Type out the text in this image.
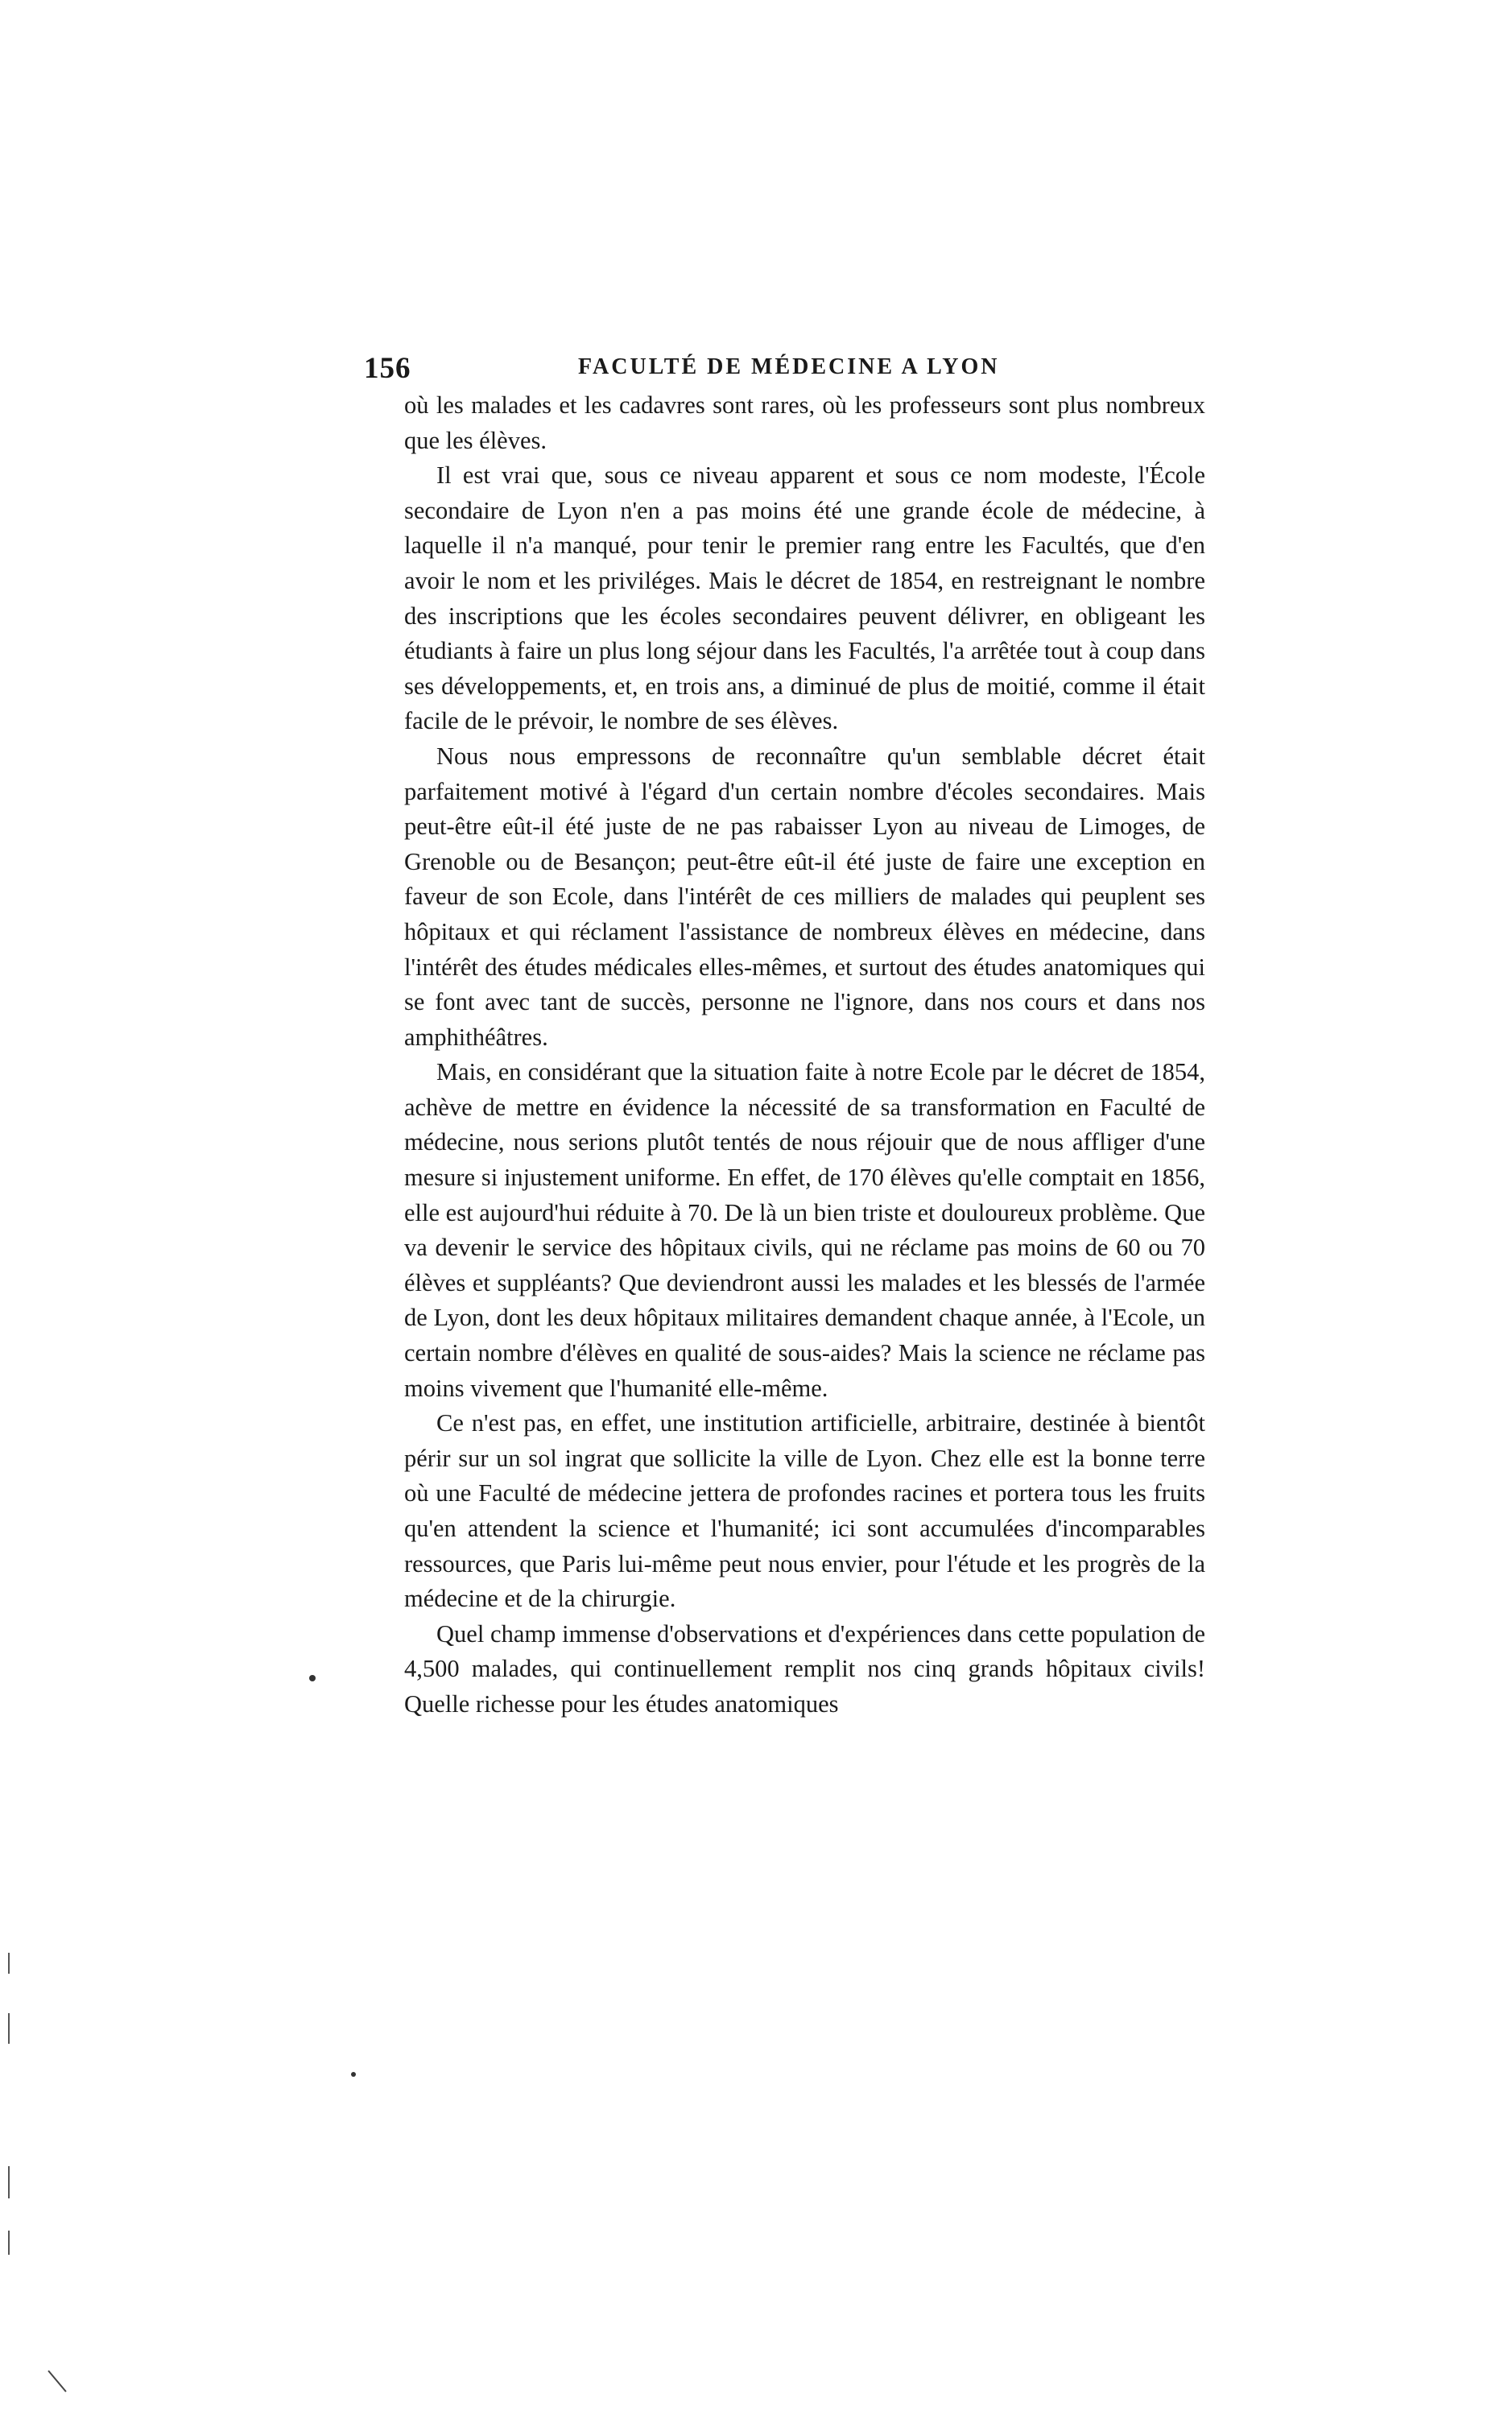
156	FACULTÉ DE MÉDECINE A LYON

où les malades et les cadavres sont rares, où les professeurs sont plus nombreux que les élèves.

Il est vrai que, sous ce niveau apparent et sous ce nom modeste, l'École secondaire de Lyon n'en a pas moins été une grande école de médecine, à laquelle il n'a manqué, pour tenir le premier rang entre les Facultés, que d'en avoir le nom et les priviléges. Mais le décret de 1854, en restreignant le nombre des inscriptions que les écoles secondaires peuvent délivrer, en obligeant les étudiants à faire un plus long séjour dans les Facultés, l'a arrêtée tout à coup dans ses développements, et, en trois ans, a diminué de plus de moitié, comme il était facile de le prévoir, le nombre de ses élèves.

Nous nous empressons de reconnaître qu'un semblable décret était parfaitement motivé à l'égard d'un certain nombre d'écoles secondaires. Mais peut-être eût-il été juste de ne pas rabaisser Lyon au niveau de Limoges, de Grenoble ou de Besançon; peut-être eût-il été juste de faire une exception en faveur de son Ecole, dans l'intérêt de ces milliers de malades qui peuplent ses hôpitaux et qui réclament l'assistance de nombreux élèves en médecine, dans l'intérêt des études médicales elles-mêmes, et surtout des études anatomiques qui se font avec tant de succès, personne ne l'ignore, dans nos cours et dans nos amphithéâtres.

Mais, en considérant que la situation faite à notre Ecole par le décret de 1854, achève de mettre en évidence la nécessité de sa transformation en Faculté de médecine, nous serions plutôt tentés de nous réjouir que de nous affliger d'une mesure si injustement uniforme. En effet, de 170 élèves qu'elle comptait en 1856, elle est aujourd'hui réduite à 70. De là un bien triste et douloureux problème. Que va devenir le service des hôpitaux civils, qui ne réclame pas moins de 60 ou 70 élèves et suppléants? Que deviendront aussi les malades et les blessés de l'armée de Lyon, dont les deux hôpitaux militaires demandent chaque année, à l'Ecole, un certain nombre d'élèves en qualité de sous-aides? Mais la science ne réclame pas moins vivement que l'humanité elle-même.

Ce n'est pas, en effet, une institution artificielle, arbitraire, destinée à bientôt périr sur un sol ingrat que sollicite la ville de Lyon. Chez elle est la bonne terre où une Faculté de médecine jettera de profondes racines et portera tous les fruits qu'en attendent la science et l'humanité; ici sont accumulées d'incomparables ressources, que Paris lui-même peut nous envier, pour l'étude et les progrès de la médecine et de la chirurgie.

Quel champ immense d'observations et d'expériences dans cette population de 4,500 malades, qui continuellement remplit nos cinq grands hôpitaux civils! Quelle richesse pour les études anatomiques
